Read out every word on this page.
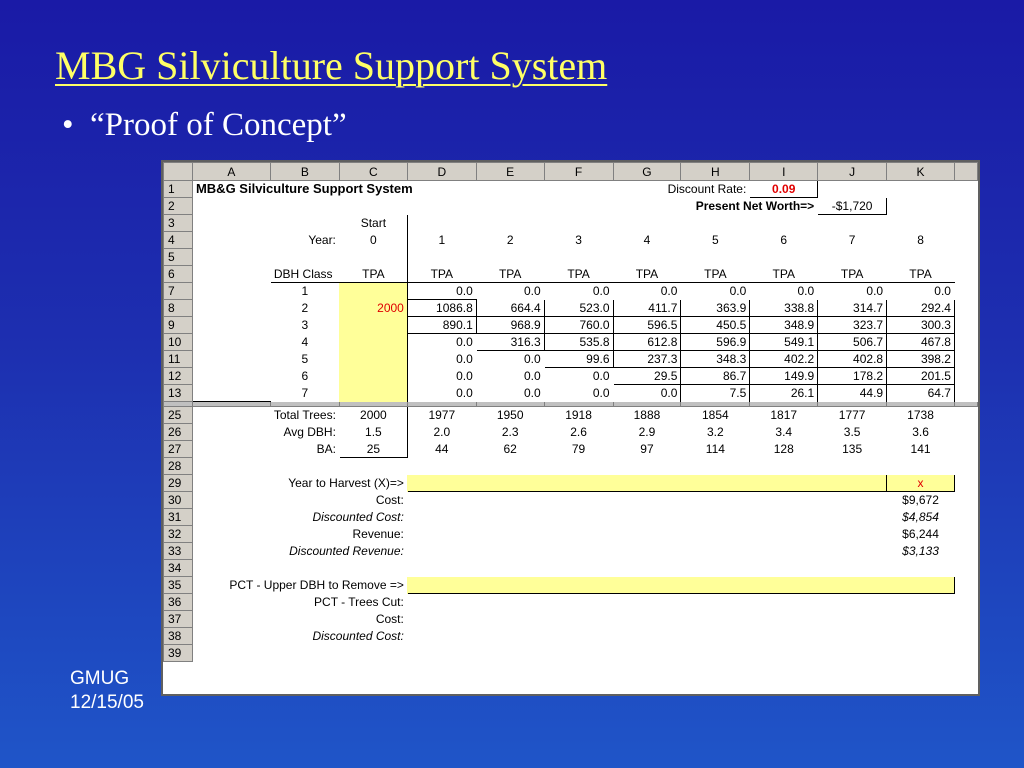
MBG Silviculture Support System
• “Proof of Concept”
	A	B	C	D	E	F	G	H	I	J	K	
1	MB&G Silviculture Support System						Discount Rate:		0.09			
2							Present Net Worth=>			-$1,720		
3			Start									
4		Year:	0	1	2	3	4	5	6	7	8	
5												
6		DBH Class	TPA	TPA	TPA	TPA	TPA	TPA	TPA	TPA	TPA	
7		1		0.0	0.0	0.0	0.0	0.0	0.0	0.0	0.0	
8		2	2000	1086.8	664.4	523.0	411.7	363.9	338.8	314.7	292.4	
9		3		890.1	968.9	760.0	596.5	450.5	348.9	323.7	300.3	
10		4		0.0	316.3	535.8	612.8	596.9	549.1	506.7	467.8	
11		5		0.0	0.0	99.6	237.3	348.3	402.2	402.8	398.2	
12		6		0.0	0.0	0.0	29.5	86.7	149.9	178.2	201.5	
13		7		0.0	0.0	0.0	0.0	7.5	26.1	44.9	64.7	

25		Total Trees:	2000	1977	1950	1918	1888	1854	1817	1777	1738	
26		Avg DBH:	1.5	2.0	2.3	2.6	2.9	3.2	3.4	3.5	3.6	
27		BA:	25	44	62	79	97	114	128	135	141	
28												
29	Year to Harvest (X)=>										x	
30	Cost:										$9,672	
31	Discounted Cost:										$4,854	
32	Revenue:										$6,244	
33	Discounted Revenue:										$3,133	
34												
35	PCT - Upper DBH to Remove =>											
36	PCT - Trees Cut:											
37	Cost:											
38	Discounted Cost:											
39												
GMUG
12/15/05
